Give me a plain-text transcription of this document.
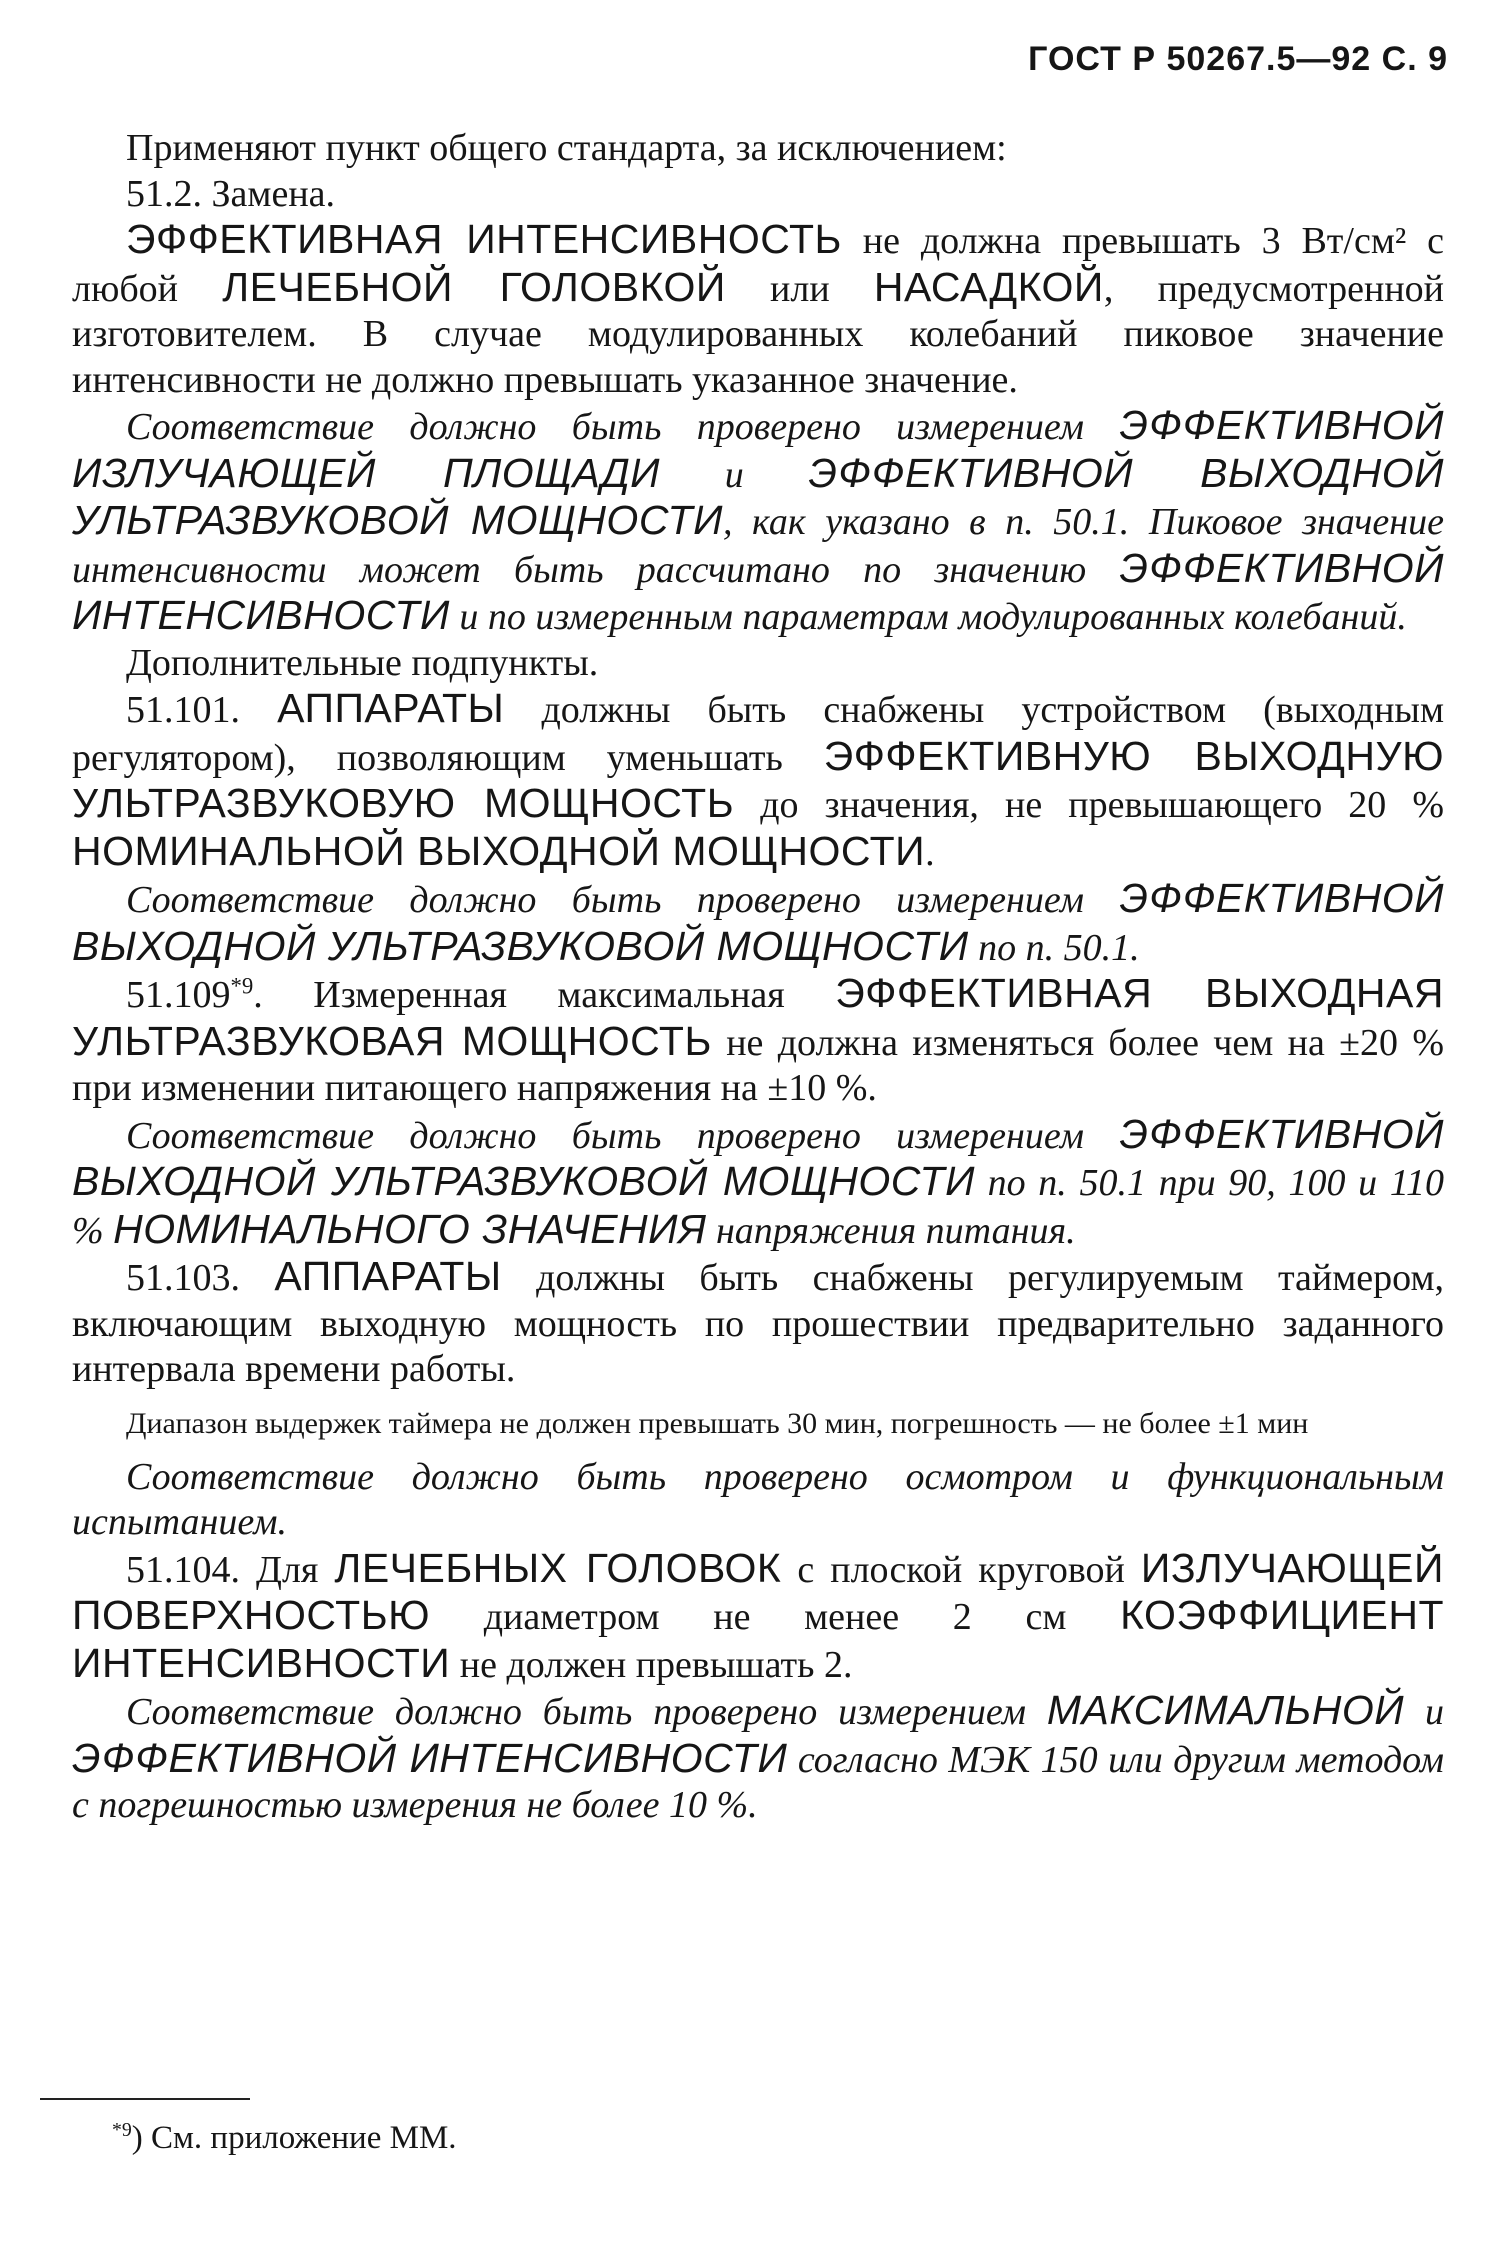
ГОСТ Р 50267.5—92 С. 9

Применяют пункт общего стандарта, за исключением:

51.2. Замена.

ЭФФЕКТИВНАЯ ИНТЕНСИВНОСТЬ не должна превышать 3 Вт/см² с любой ЛЕЧЕБНОЙ ГОЛОВКОЙ или НАСАДКОЙ, предусмотренной изготовителем. В случае модулированных колебаний пиковое значение интенсивности не должно превышать указанное значение.

Соответствие должно быть проверено измерением ЭФФЕКТИВНОЙ ИЗЛУЧАЮЩЕЙ ПЛОЩАДИ и ЭФФЕКТИВНОЙ ВЫХОДНОЙ УЛЬТРАЗВУКОВОЙ МОЩНОСТИ, как указано в п. 50.1. Пиковое значение интенсивности может быть рассчитано по значению ЭФФЕКТИВНОЙ ИНТЕНСИВНОСТИ и по измеренным параметрам модулированных колебаний.

Дополнительные подпункты.

51.101. АППАРАТЫ должны быть снабжены устройством (выходным регулятором), позволяющим уменьшать ЭФФЕКТИВНУЮ ВЫХОДНУЮ УЛЬТРАЗВУКОВУЮ МОЩНОСТЬ до значения, не превышающего 20 % НОМИНАЛЬНОЙ ВЫХОДНОЙ МОЩНОСТИ.

Соответствие должно быть проверено измерением ЭФФЕКТИВНОЙ ВЫХОДНОЙ УЛЬТРАЗВУКОВОЙ МОЩНОСТИ по п. 50.1.

51.109$^{*9}$. Измеренная максимальная ЭФФЕКТИВНАЯ ВЫХОДНАЯ УЛЬТРАЗВУКОВАЯ МОЩНОСТЬ не должна изменяться более чем на ±20 % при изменении питающего напряжения на ±10 %.

Соответствие должно быть проверено измерением ЭФФЕКТИВНОЙ ВЫХОДНОЙ УЛЬТРАЗВУКОВОЙ МОЩНОСТИ по п. 50.1 при 90, 100 и 110 % НОМИНАЛЬНОГО ЗНАЧЕНИЯ напряжения питания.

51.103. АППАРАТЫ должны быть снабжены регулируемым таймером, включающим выходную мощность по прошествии предварительно заданного интервала времени работы.

Диапазон выдержек таймера не должен превышать 30 мин, погрешность — не более ±1 мин

Соответствие должно быть проверено осмотром и функциональным испытанием.

51.104. Для ЛЕЧЕБНЫХ ГОЛОВОК с плоской круговой ИЗЛУЧАЮЩЕЙ ПОВЕРХНОСТЬЮ диаметром не менее 2 см КОЭФФИЦИЕНТ ИНТЕНСИВНОСТИ не должен превышать 2.

Соответствие должно быть проверено измерением МАКСИМАЛЬНОЙ и ЭФФЕКТИВНОЙ ИНТЕНСИВНОСТИ согласно МЭК 150 или другим методом с погрешностью измерения не более 10 %.

$^{*9}$) См. приложение ММ.
